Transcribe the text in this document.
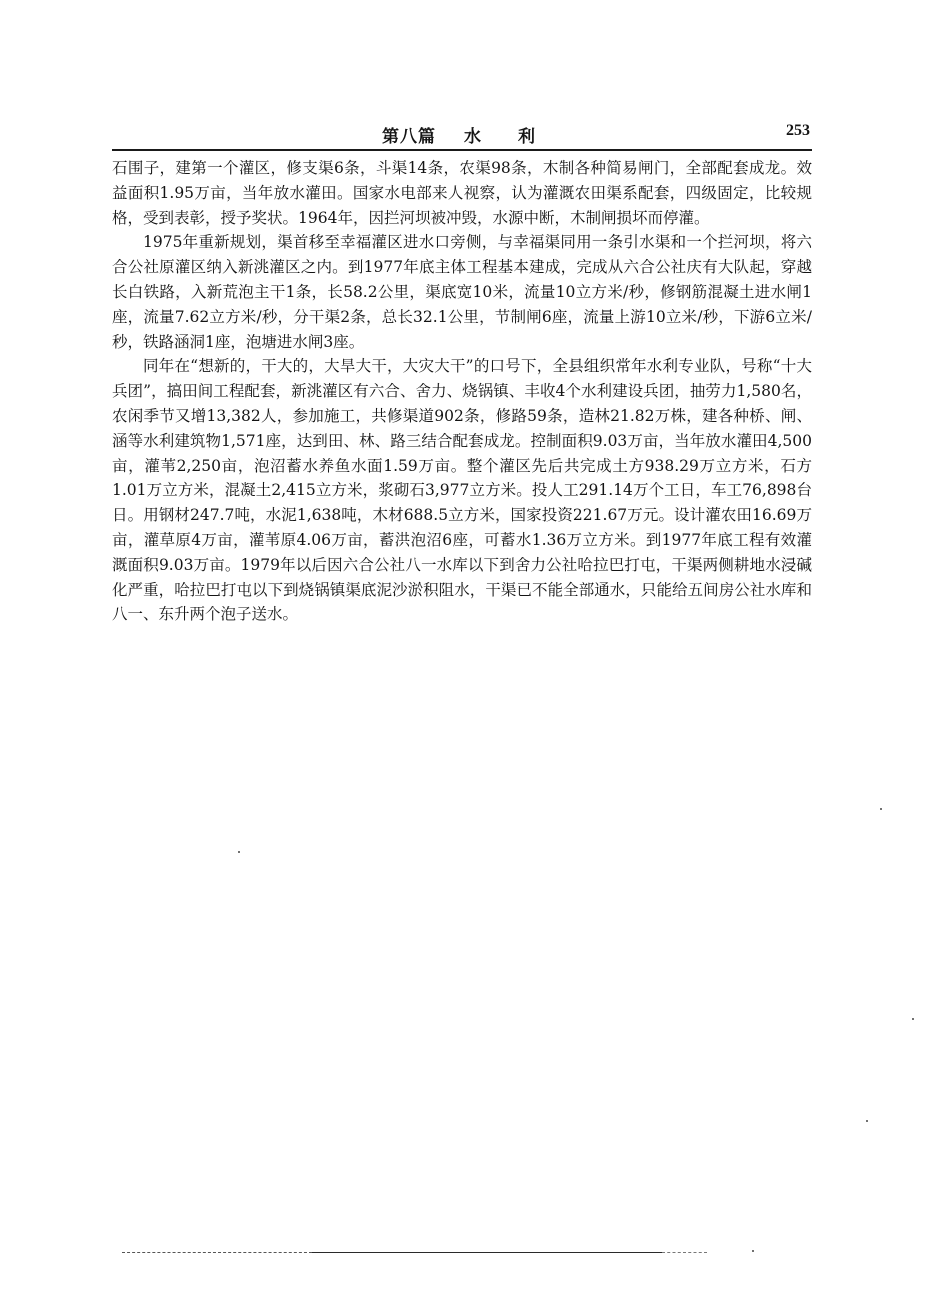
第八篇 水 利	253

石围子，建第一个灌区，修支渠6条，斗渠14条，农渠98条，木制各种简易闸门，全部配套成龙。效益面积1.95万亩，当年放水灌田。国家水电部来人视察，认为灌溉农田渠系配套，四级固定，比较规格，受到表彰，授予奖状。1964年，因拦河坝被冲毁，水源中断，木制闸损坏而停灌。

1975年重新规划，渠首移至幸福灌区进水口旁侧，与幸福渠同用一条引水渠和一个拦河坝，将六合公社原灌区纳入新洮灌区之内。到1977年底主体工程基本建成，完成从六合公社庆有大队起，穿越长白铁路，入新荒泡主干1条，长58.2公里，渠底宽10米，流量10立方米/秒，修钢筋混凝土进水闸1座，流量7.62立方米/秒，分干渠2条，总长32.1公里，节制闸6座，流量上游10立米/秒，下游6立米/秒，铁路涵洞1座，泡塘进水闸3座。

同年在“想新的，干大的，大旱大干，大灾大干”的口号下，全县组织常年水利专业队，号称“十大兵团”，搞田间工程配套，新洮灌区有六合、舍力、烧锅镇、丰收4个水利建设兵团，抽劳力1,580名，农闲季节又增13,382人，参加施工，共修渠道902条，修路59条，造林21.82万株，建各种桥、闸、涵等水利建筑物1,571座，达到田、林、路三结合配套成龙。控制面积9.03万亩，当年放水灌田4,500亩，灌苇2,250亩，泡沼蓄水养鱼水面1.59万亩。整个灌区先后共完成土方938.29万立方米，石方1.01万立方米，混凝土2,415立方米，浆砌石3,977立方米。投人工291.14万个工日，车工76,898台日。用钢材247.7吨，水泥1,638吨，木材688.5立方米，国家投资221.67万元。设计灌农田16.69万亩，灌草原4万亩，灌苇原4.06万亩，蓄洪泡沼6座，可蓄水1.36万立方米。到1977年底工程有效灌溉面积9.03万亩。1979年以后因六合公社八一水库以下到舍力公社哈拉巴打屯，干渠两侧耕地水浸碱化严重，哈拉巴打屯以下到烧锅镇渠底泥沙淤积阻水，干渠已不能全部通水，只能给五间房公社水库和八一、东升两个泡子送水。
